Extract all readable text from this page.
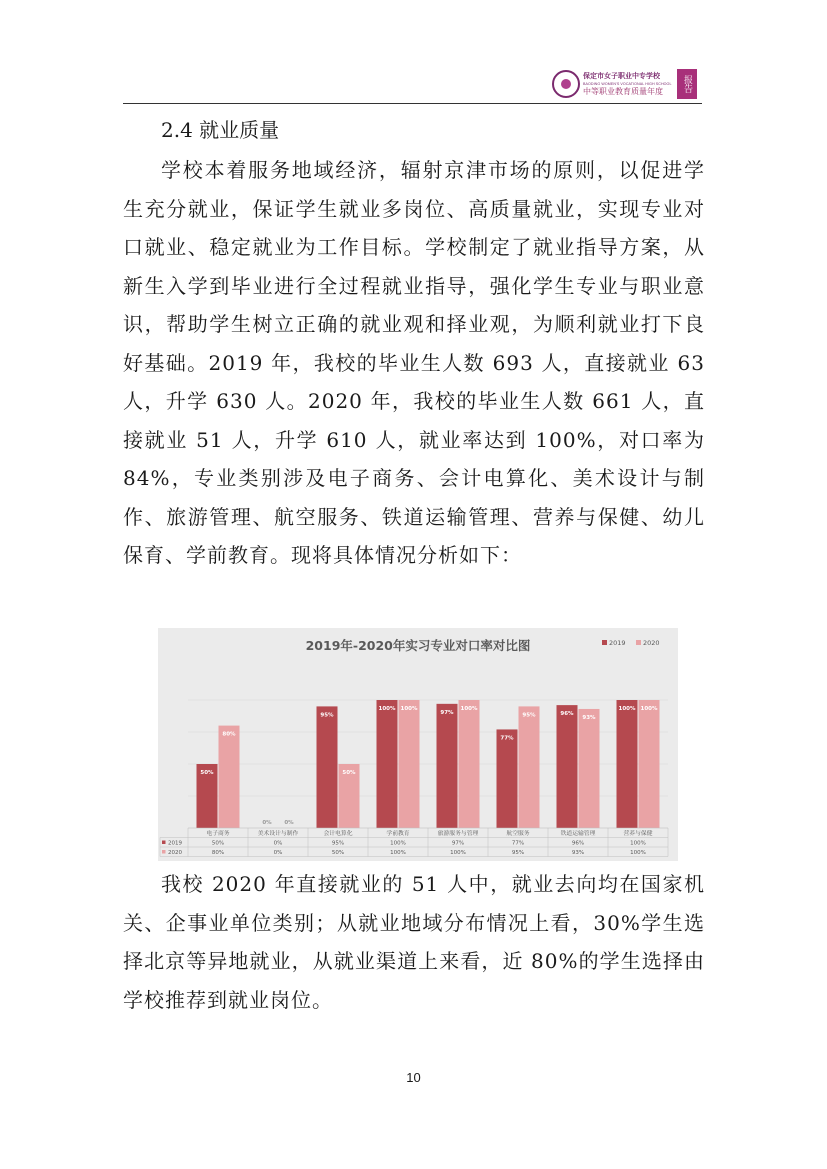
保定市女子职业中专学校
BAODING WOMEN'S VOCATIONAL HIGH SCHOOL
中等职业教育质量年度	报告
2.4 就业质量

学校本着服务地域经济，辐射京津市场的原则，以促进学生充分就业，保证学生就业多岗位、高质量就业，实现专业对口就业、稳定就业为工作目标。学校制定了就业指导方案，从新生入学到毕业进行全过程就业指导，强化学生专业与职业意识，帮助学生树立正确的就业观和择业观，为顺利就业打下良好基础。2019 年，我校的毕业生人数 693 人，直接就业 63 人，升学 630 人。2020 年，我校的毕业生人数 661 人，直接就业 51 人，升学 610 人，就业率达到 100%，对口率为 84%，专业类别涉及电子商务、会计电算化、美术设计与制作、旅游管理、航空服务、铁道运输管理、营养与保健、幼儿保育、学前教育。现将具体情况分析如下：

2019年-2020年实习专业对口率对比图	2019	2020
50%
80%
0% 0%
95%
50%
100% 100%
97%
100%
77%
95%	96%
93%
100% 100%
电子商务	美术设计与制作	会计电算化	学前教育	旅游服务与管理	航空服务	铁道运输管理	营养与保健
2019	50%	0%	95%	100%	97%	77%	96%	100%
2020	80%	0%	50%	100%	100%	95%	93%	100%

我校 2020 年直接就业的 51 人中，就业去向均在国家机关、企事业单位类别；从就业地域分布情况上看，30%学生选择北京等异地就业，从就业渠道上来看，近 80%的学生选择由学校推荐到就业岗位。

10
